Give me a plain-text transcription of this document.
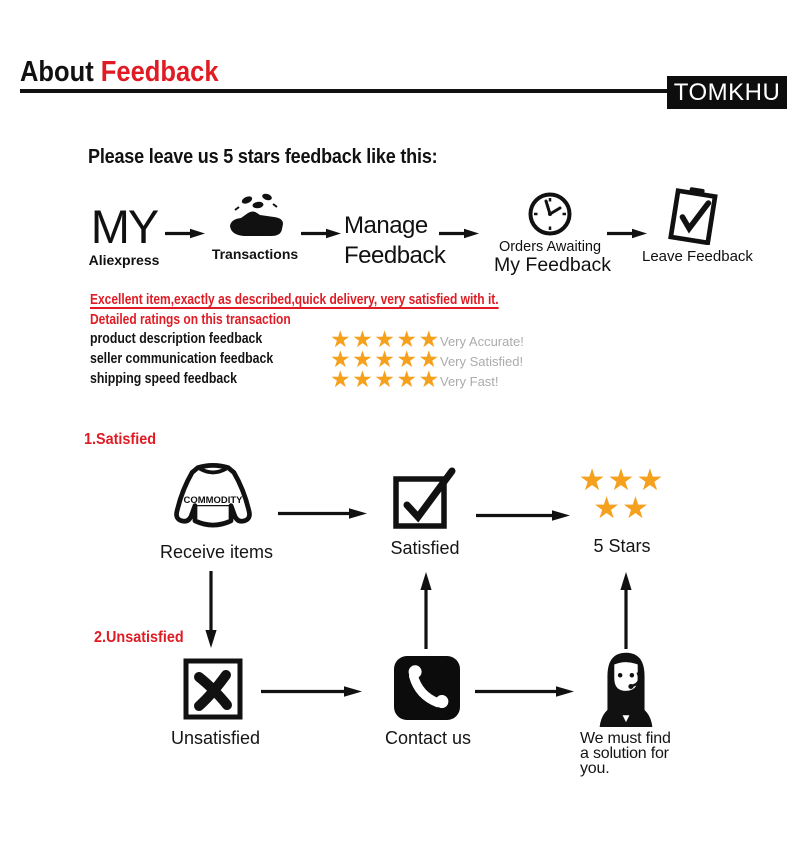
About Feedback
TOMKHU
Please leave us 5 stars feedback like this:
MY
Aliexpress	Transactions
Manage Feedback	Orders Awaiting
My Feedback Leave Feedback
Excellent item,exactly as described,quick delivery, very satisfied with it.
Detailed ratings on this transaction
product description feedback	★★★★★ Very Accurate!
seller communication feedback ★★★★★ Very Satisfied!
shipping speed feedback	★★★★★ Very Fast!
1.Satisfied
COMMODITY
Receive items	Satisfied
★★★
★★
5 Stars
2.Unsatisfied
Unsatisfied	Contact us	We must find
a solution for
you.
